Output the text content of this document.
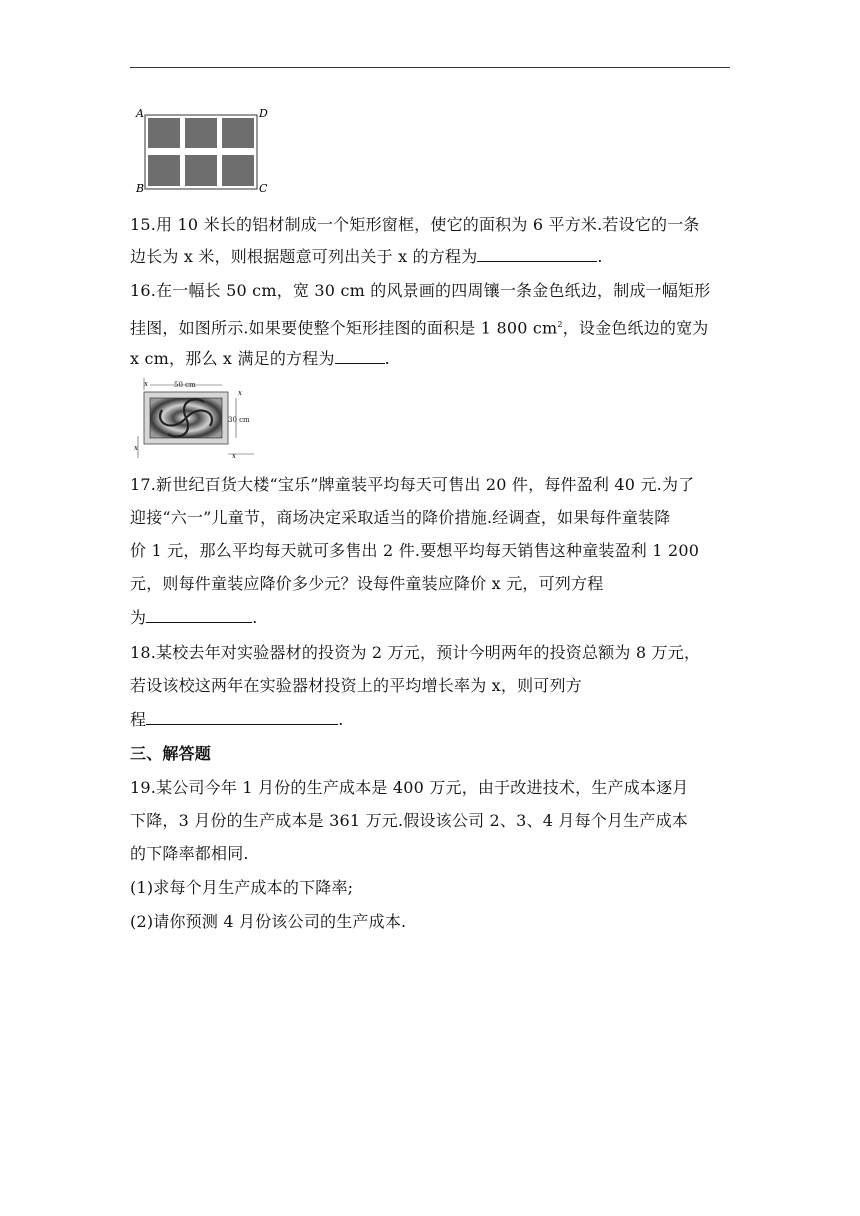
A	D
B	C
15.用 10 米长的铝材制成一个矩形窗框，使它的面积为 6 平方米.若设它的一条
边长为 x 米，则根据题意可列出关于 x 的方程为	.
16.在一幅长 50 cm，宽 30 cm 的风景画的四周镶一条金色纸边，制成一幅矩形
挂图，如图所示.如果要使整个矩形挂图的面积是 1 800 $cm^2$，设金色纸边的宽为
x cm，那么 x 满足的方程为	.
50 cm
30 cm
x
x
x
x
17.新世纪百货大楼“宝乐”牌童装平均每天可售出 20 件，每件盈利 40 元.为了
迎接“六一”儿童节，商场决定采取适当的降价措施.经调查，如果每件童装降
价 1 元，那么平均每天就可多售出 2 件.要想平均每天销售这种童装盈利 1 200
元，则每件童装应降价多少元？设每件童装应降价 x 元，可列方程
为	.
18.某校去年对实验器材的投资为 2 万元，预计今明两年的投资总额为 8 万元，
若设该校这两年在实验器材投资上的平均增长率为 x，则可列方
程	.
三、解答题
19.某公司今年 1 月份的生产成本是 400 万元，由于改进技术，生产成本逐月
下降，3 月份的生产成本是 361 万元.假设该公司 2、3、4 月每个月生产成本
的下降率都相同.
(1)求每个月生产成本的下降率;
(2)请你预测 4 月份该公司的生产成本.
